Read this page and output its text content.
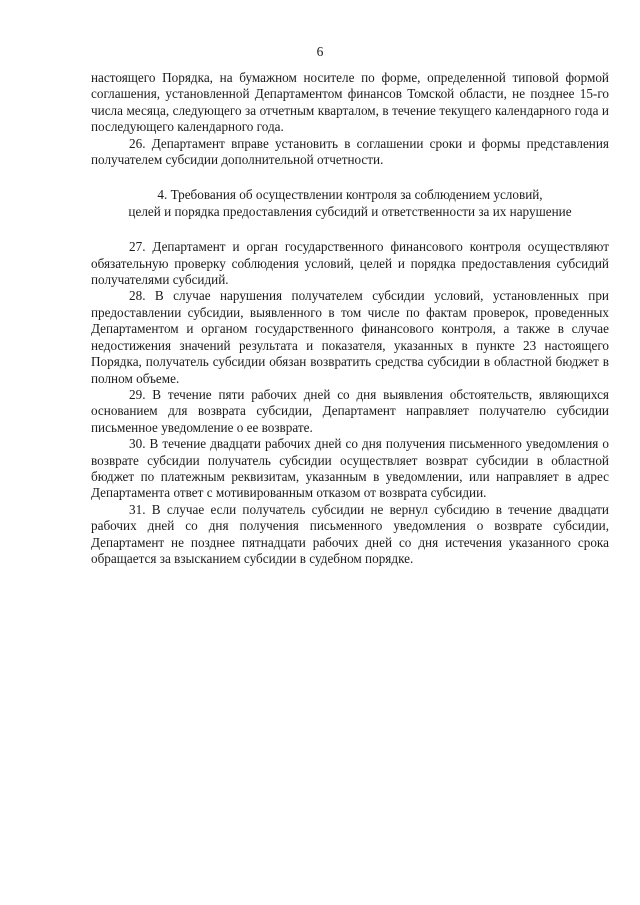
6

настоящего Порядка, на бумажном носителе по форме, определенной типовой формой соглашения, установленной Департаментом финансов Томской области, не позднее 15-го числа месяца, следующего за отчетным кварталом, в течение текущего календарного года и последующего календарного года.

26. Департамент вправе установить в соглашении сроки и формы представления получателем субсидии дополнительной отчетности.

4. Требования об осуществлении контроля за соблюдением условий,
целей и порядка предоставления субсидий и ответственности за их нарушение

27. Департамент и орган государственного финансового контроля осуществляют обязательную проверку соблюдения условий, целей и порядка предоставления субсидий получателями субсидий.

28. В случае нарушения получателем субсидии условий, установленных при предоставлении субсидии, выявленного в том числе по фактам проверок, проведенных Департаментом и органом государственного финансового контроля, а также в случае недостижения значений результата и показателя, указанных в пункте 23 настоящего Порядка, получатель субсидии обязан возвратить средства субсидии в областной бюджет в полном объеме.

29. В течение пяти рабочих дней со дня выявления обстоятельств, являющихся основанием для возврата субсидии, Департамент направляет получателю субсидии письменное уведомление о ее возврате.

30. В течение двадцати рабочих дней со дня получения письменного уведомления о возврате субсидии получатель субсидии осуществляет возврат субсидии в областной бюджет по платежным реквизитам, указанным в уведомлении, или направляет в адрес Департамента ответ с мотивированным отказом от возврата субсидии.

31. В случае если получатель субсидии не вернул субсидию в течение двадцати рабочих дней со дня получения письменного уведомления о возврате субсидии, Департамент не позднее пятнадцати рабочих дней со дня истечения указанного срока обращается за взысканием субсидии в судебном порядке.
